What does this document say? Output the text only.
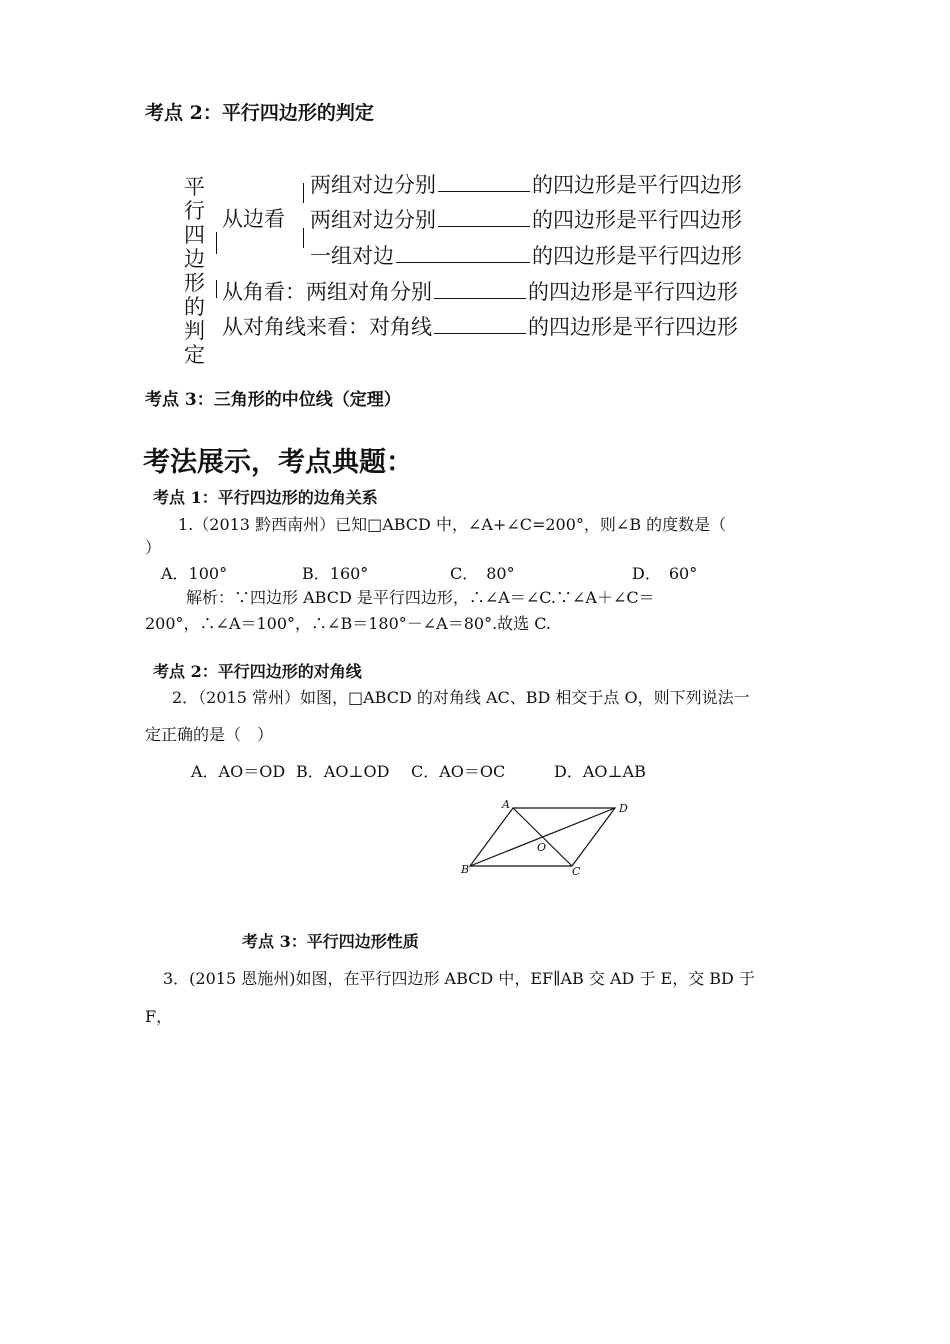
考点 2：平行四边形的判定
平
行
四
边
形
的
判
定
从边看
两组对边分别	的四边形是平行四边形
两组对边分别	的四边形是平行四边形
一组对边	的四边形是平行四边形
从角看：两组对角分别	的四边形是平行四边形
从对角线来看：对角线	的四边形是平行四边形
考点 3：三角形的中位线（定理）
考法展示，考点典题：
考点 1：平行四边形的边角关系
1.（2013 黔西南州）已知□ABCD 中，∠A+∠C=200°，则∠B 的度数是（
）
A．100°	B．160°	C．　80°	D．　60°
解析：∵四边形 ABCD 是平行四边形，∴∠A＝∠C.∵∠A＋∠C＝
200°，∴∠A＝100°，∴∠B＝180°－∠A＝80°.故选 C.
考点 2：平行四边形的对角线
2．（2015 常州）如图，□ABCD 的对角线 AC、BD 相交于点 O，则下列说法一
定正确的是（　）
A．AO＝OD B．AO⊥OD C．AO＝OC	D．AO⊥AB
A	D
B	C
O
考点 3：平行四边形性质
3．(2015 恩施州)如图，在平行四边形 ABCD 中，EF∥AB 交 AD 于 E，交 BD 于
F，
